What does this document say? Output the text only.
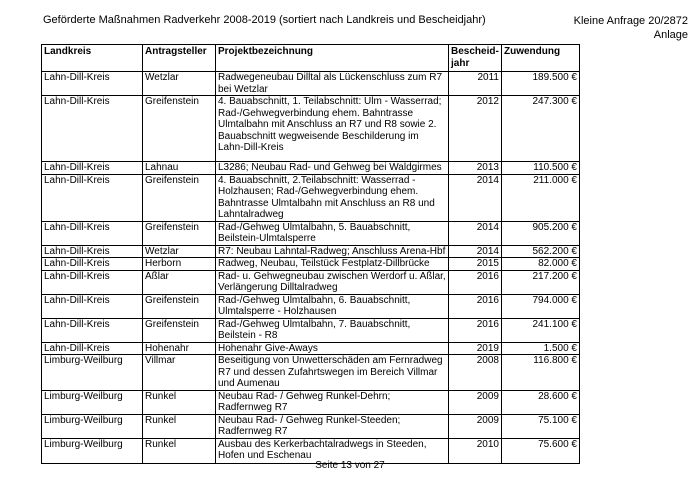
Geförderte Maßnahmen Radverkehr 2008-2019 (sortiert nach Landkreis und Bescheidjahr)	Kleine Anfrage 20/2872
Anlage
Landkreis	Antragsteller	Projektbezeichnung	Bescheid-jahr	Zuwendung
Lahn-Dill-Kreis	Wetzlar	Radwegeneubau Dilltal als Lückenschluss zum R7 bei Wetzlar	2011	189.500 €
Lahn-Dill-Kreis	Greifenstein	4. Bauabschnitt, 1. Teilabschnitt: Ulm - Wasserrad; Rad-/Gehwegverbindung ehem. Bahntrasse Ulmtalbahn mit Anschluss an R7 und R8 sowie 2. Bauabschnitt wegweisende Beschilderung im Lahn-Dill-Kreis	2012	247.300 €
Lahn-Dill-Kreis	Lahnau	L3286; Neubau Rad- und Gehweg bei Waldgirmes	2013	110.500 €
Lahn-Dill-Kreis	Greifenstein	4. Bauabschnitt, 2.Teilabschnitt: Wasserrad - Holzhausen; Rad-/Gehwegverbindung ehem. Bahntrasse Ulmtalbahn mit Anschluss an R8 und Lahntalradweg	2014	211.000 €
Lahn-Dill-Kreis	Greifenstein	Rad-/Gehweg Ulmtalbahn, 5. Bauabschnitt, Beilstein-Ulmtalsperre	2014	905.200 €
Lahn-Dill-Kreis	Wetzlar	R7: Neubau Lahntal-Radweg; Anschluss Arena-Hbf	2014	562.200 €
Lahn-Dill-Kreis	Herborn	Radweg, Neubau, Teilstück Festplatz-Dillbrücke	2015	82.000 €
Lahn-Dill-Kreis	Aßlar	Rad- u. Gehwegneubau zwischen Werdorf u. Aßlar, Verlängerung Dilltalradweg	2016	217.200 €
Lahn-Dill-Kreis	Greifenstein	Rad-/Gehweg Ulmtalbahn, 6. Bauabschnitt, Ulmtalsperre - Holzhausen	2016	794.000 €
Lahn-Dill-Kreis	Greifenstein	Rad-/Gehweg Ulmtalbahn, 7. Bauabschnitt, Beilstein - R8	2016	241.100 €
Lahn-Dill-Kreis	Hohenahr	Hohenahr Give-Aways	2019	1.500 €
Limburg-Weilburg	Villmar	Beseitigung von Unwetterschäden am Fernradweg R7 und dessen Zufahrtswegen im Bereich Villmar und Aumenau	2008	116.800 €
Limburg-Weilburg	Runkel	Neubau Rad- / Gehweg Runkel-Dehrn; Radfernweg R7	2009	28.600 €
Limburg-Weilburg	Runkel	Neubau Rad- / Gehweg Runkel-Steeden; Radfernweg R7	2009	75.100 €
Limburg-Weilburg	Runkel	Ausbau des Kerkerbachtalradwegs in Steeden, Hofen und Eschenau	2010	75.600 €
Seite 13 von 27
